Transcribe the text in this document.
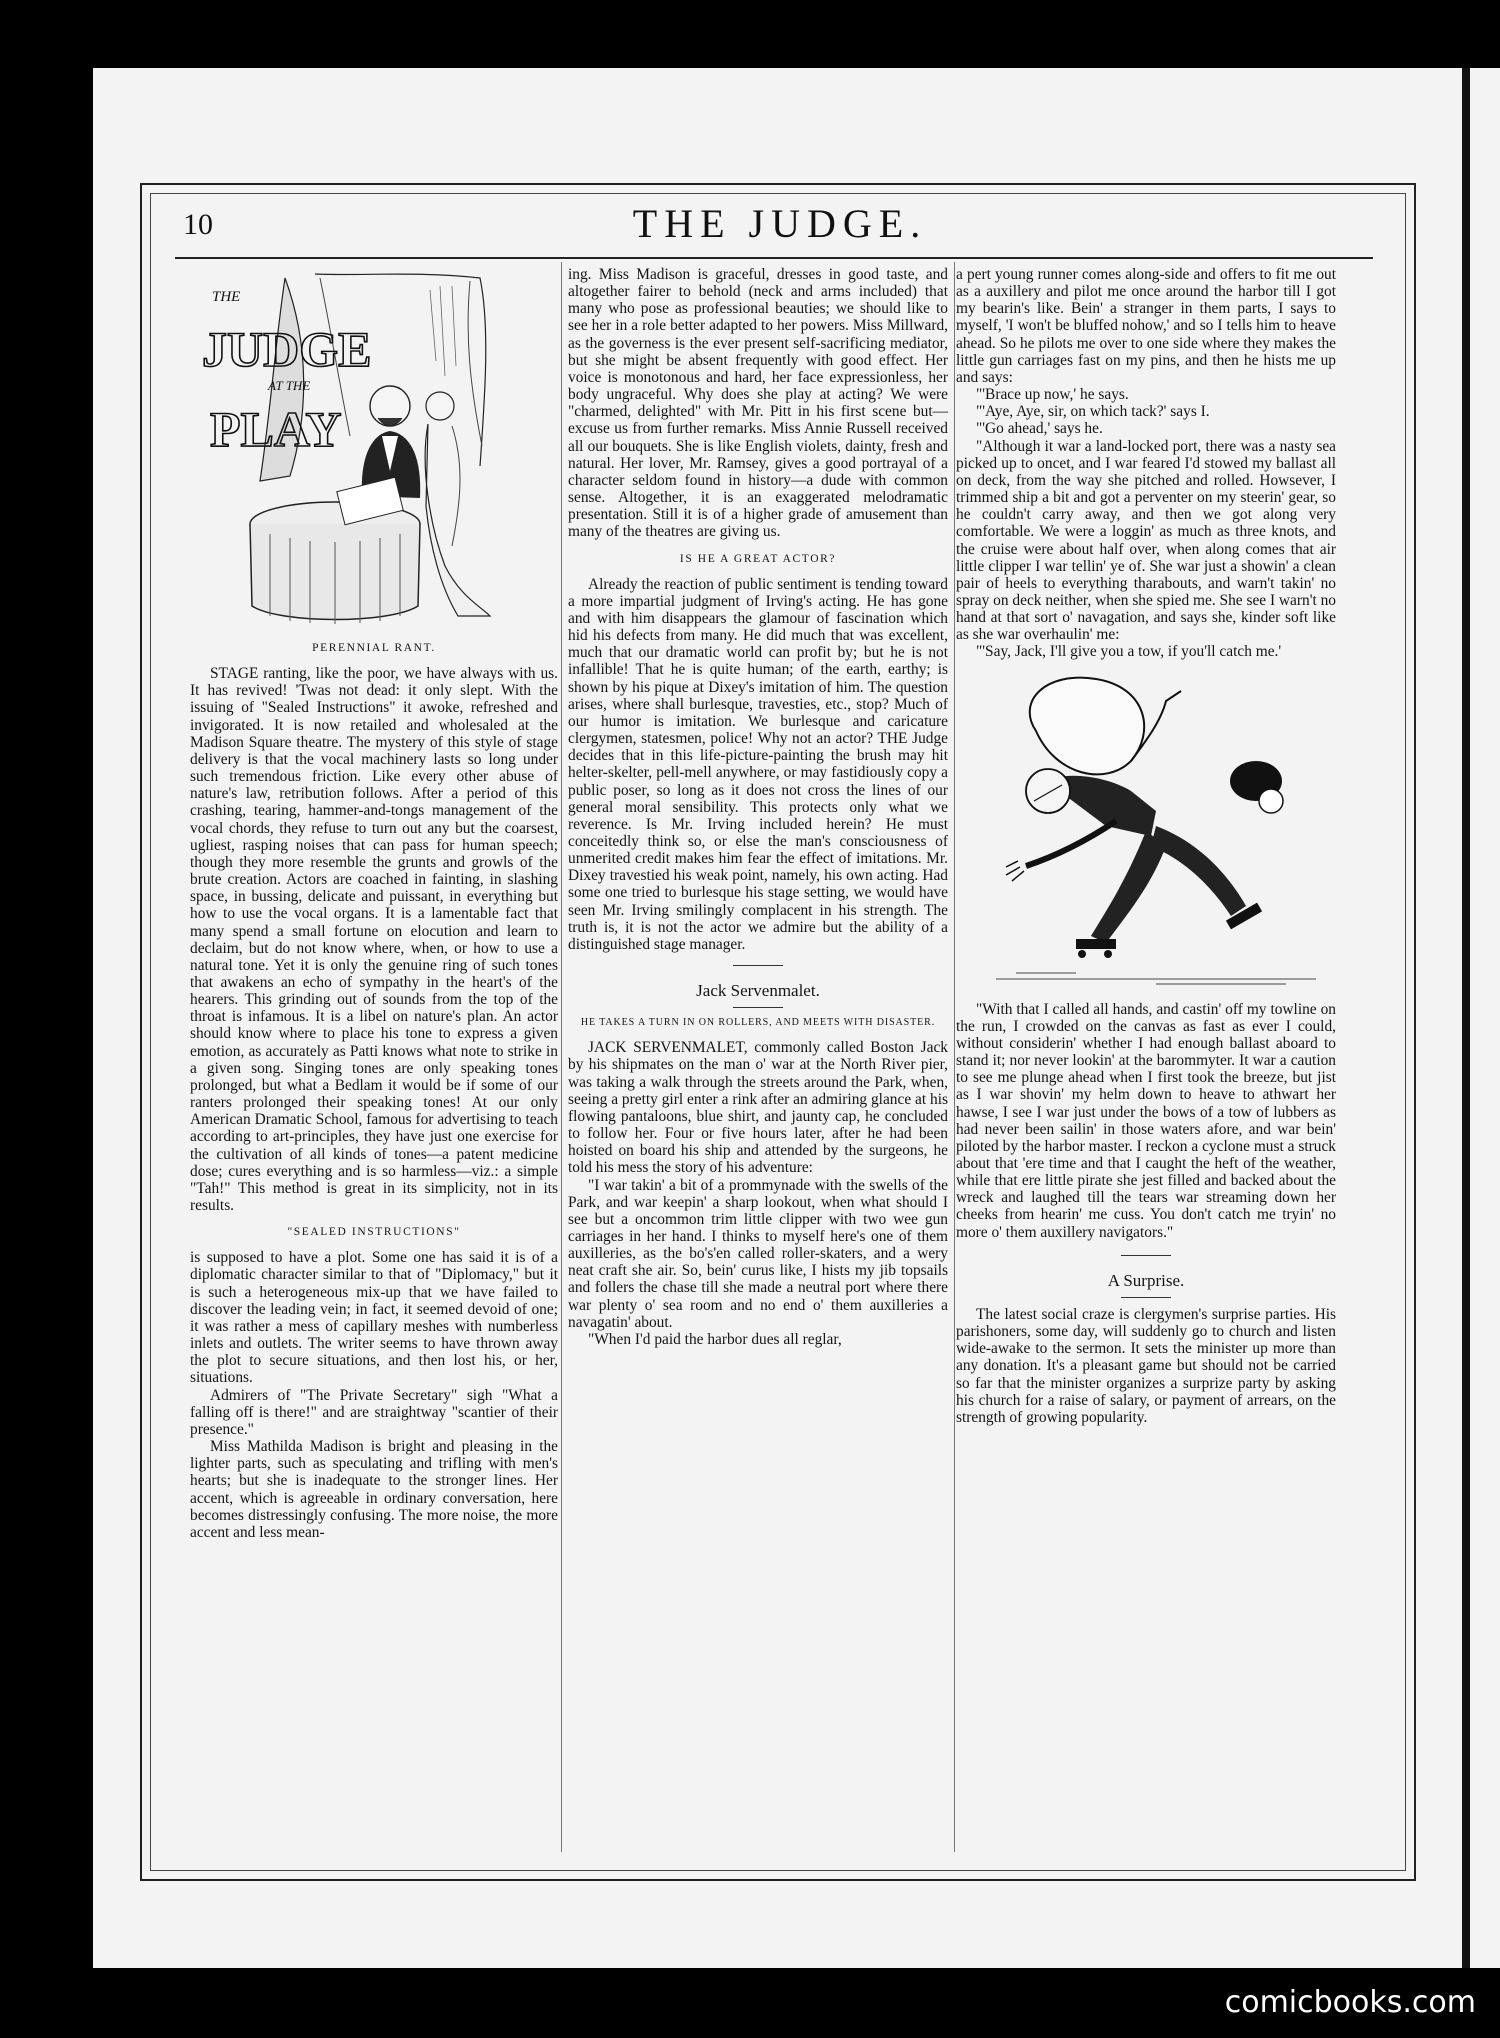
10	THE JUDGE.
THE
JUDGE
AT THE
PLAY
PERENNIAL RANT.

STAGE ranting, like the poor, we have always with us. It has revived! 'Twas not dead: it only slept. With the issuing of "Sealed Instructions" it awoke, refreshed and invigorated. It is now retailed and wholesaled at the Madison Square theatre. The mystery of this style of stage delivery is that the vocal machinery lasts so long under such tremendous friction. Like every other abuse of nature's law, retribution follows. After a period of this crashing, tearing, hammer-and-tongs management of the vocal chords, they refuse to turn out any but the coarsest, ugliest, rasping noises that can pass for human speech; though they more resemble the grunts and growls of the brute creation. Actors are coached in fainting, in slashing space, in bussing, delicate and puissant, in everything but how to use the vocal organs. It is a lamentable fact that many spend a small fortune on elocution and learn to declaim, but do not know where, when, or how to use a natural tone. Yet it is only the genuine ring of such tones that awakens an echo of sympathy in the heart's of the hearers. This grinding out of sounds from the top of the throat is infamous. It is a libel on nature's plan. An actor should know where to place his tone to express a given emotion, as accurately as Patti knows what note to strike in a given song. Singing tones are only speaking tones prolonged, but what a Bedlam it would be if some of our ranters prolonged their speaking tones! At our only American Dramatic School, famous for advertising to teach according to art-principles, they have just one exercise for the cultivation of all kinds of tones—a patent medicine dose; cures everything and is so harmless—viz.: a simple "Tah!" This method is great in its simplicity, not in its results.

"SEALED INSTRUCTIONS"

is supposed to have a plot. Some one has said it is of a diplomatic character similar to that of "Diplomacy," but it is such a heterogeneous mix-up that we have failed to discover the leading vein; in fact, it seemed devoid of one; it was rather a mess of capillary meshes with numberless inlets and outlets. The writer seems to have thrown away the plot to secure situations, and then lost his, or her, situations.

Admirers of "The Private Secretary" sigh "What a falling off is there!" and are straightway "scantier of their presence."

Miss Mathilda Madison is bright and pleasing in the lighter parts, such as speculating and trifling with men's hearts; but she is inadequate to the stronger lines. Her accent, which is agreeable in ordinary conversation, here becomes distressingly confusing. The more noise, the more accent and less mean-

ing. Miss Madison is graceful, dresses in good taste, and altogether fairer to behold (neck and arms included) that many who pose as professional beauties; we should like to see her in a role better adapted to her powers. Miss Millward, as the governess is the ever present self-sacrificing mediator, but she might be absent frequently with good effect. Her voice is monotonous and hard, her face expressionless, her body ungraceful. Why does she play at acting? We were "charmed, delighted" with Mr. Pitt in his first scene but—excuse us from further remarks. Miss Annie Russell received all our bouquets. She is like English violets, dainty, fresh and natural. Her lover, Mr. Ramsey, gives a good portrayal of a character seldom found in history—a dude with common sense. Altogether, it is an exaggerated melodramatic presentation. Still it is of a higher grade of amusement than many of the theatres are giving us.

IS HE A GREAT ACTOR?

Already the reaction of public sentiment is tending toward a more impartial judgment of Irving's acting. He has gone and with him disappears the glamour of fascination which hid his defects from many. He did much that was excellent, much that our dramatic world can profit by; but he is not infallible! That he is quite human; of the earth, earthy; is shown by his pique at Dixey's imitation of him. The question arises, where shall burlesque, travesties, etc., stop? Much of our humor is imitation. We burlesque and caricature clergymen, statesmen, police! Why not an actor? THE Judge decides that in this life-picture-painting the brush may hit helter-skelter, pell-mell anywhere, or may fastidiously copy a public poser, so long as it does not cross the lines of our general moral sensibility. This protects only what we reverence. Is Mr. Irving included herein? He must conceitedly think so, or else the man's consciousness of unmerited credit makes him fear the effect of imitations. Mr. Dixey travestied his weak point, namely, his own acting. Had some one tried to burlesque his stage setting, we would have seen Mr. Irving smilingly complacent in his strength. The truth is, it is not the actor we admire but the ability of a distinguished stage manager.

Jack Servenmalet.
HE TAKES A TURN IN ON ROLLERS, AND MEETS WITH DISASTER.

JACK SERVENMALET, commonly called Boston Jack by his shipmates on the man o' war at the North River pier, was taking a walk through the streets around the Park, when, seeing a pretty girl enter a rink after an admiring glance at his flowing pantaloons, blue shirt, and jaunty cap, he concluded to follow her. Four or five hours later, after he had been hoisted on board his ship and attended by the surgeons, he told his mess the story of his adventure:

"I war takin' a bit of a prommynade with the swells of the Park, and war keepin' a sharp lookout, when what should I see but a oncommon trim little clipper with two wee gun carriages in her hand. I thinks to myself here's one of them auxilleries, as the bo's'en called roller-skaters, and a wery neat craft she air. So, bein' curus like, I hists my jib topsails and follers the chase till she made a neutral port where there war plenty o' sea room and no end o' them auxilleries a navagatin' about.

"When I'd paid the harbor dues all reglar,

a pert young runner comes along-side and offers to fit me out as a auxillery and pilot me once around the harbor till I got my bearin's like. Bein' a stranger in them parts, I says to myself, 'I won't be bluffed nohow,' and so I tells him to heave ahead. So he pilots me over to one side where they makes the little gun carriages fast on my pins, and then he hists me up and says:

"'Brace up now,' he says.

"'Aye, Aye, sir, on which tack?' says I.

"'Go ahead,' says he.

"Although it war a land-locked port, there was a nasty sea picked up to oncet, and I war feared I'd stowed my ballast all on deck, from the way she pitched and rolled. Howsever, I trimmed ship a bit and got a perventer on my steerin' gear, so he couldn't carry away, and then we got along very comfortable. We were a loggin' as much as three knots, and the cruise were about half over, when along comes that air little clipper I war tellin' ye of. She war just a showin' a clean pair of heels to everything tharabouts, and warn't takin' no spray on deck neither, when she spied me. She see I warn't no hand at that sort o' navagation, and says she, kinder soft like as she war overhaulin' me:

"'Say, Jack, I'll give you a tow, if you'll catch me.'

"With that I called all hands, and castin' off my towline on the run, I crowded on the canvas as fast as ever I could, without considerin' whether I had enough ballast aboard to stand it; nor never lookin' at the barommyter. It war a caution to see me plunge ahead when I first took the breeze, but jist as I war shovin' my helm down to heave to athwart her hawse, I see I war just under the bows of a tow of lubbers as had never been sailin' in those waters afore, and war bein' piloted by the harbor master. I reckon a cyclone must a struck about that 'ere time and that I caught the heft of the weather, while that ere little pirate she jest filled and backed about the wreck and laughed till the tears war streaming down her cheeks from hearin' me cuss. You don't catch me tryin' no more o' them auxillery navigators."

A Surprise.

The latest social craze is clergymen's surprise parties. His parishoners, some day, will suddenly go to church and listen wide-awake to the sermon. It sets the minister up more than any donation. It's a pleasant game but should not be carried so far that the minister organizes a surprize party by asking his church for a raise of salary, or payment of arrears, on the strength of growing popularity.

comicbooks.com
